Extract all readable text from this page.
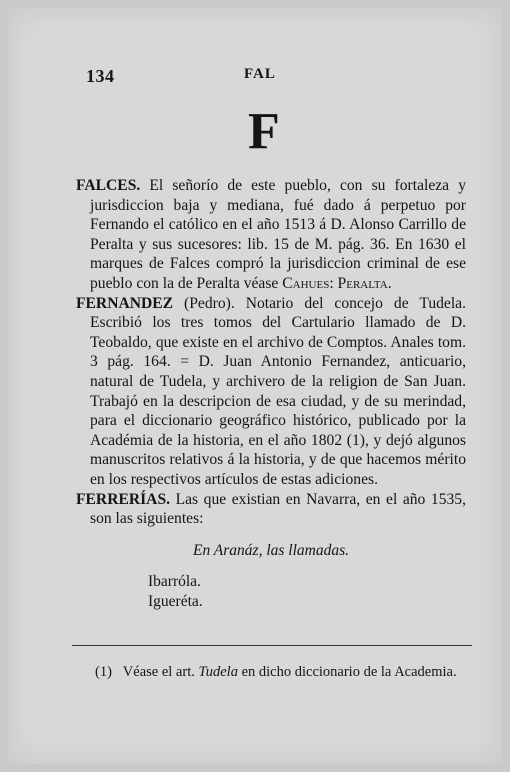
134	FAL
F

FALCES. El señorío de este pueblo, con su fortaleza y jurisdiccion baja y mediana, fué dado á perpetuo por Fernando el católico en el año 1513 á D. Alonso Carrillo de Peralta y sus sucesores: lib. 15 de M. pág. 36. En 1630 el marques de Falces compró la jurisdiccion criminal de ese pueblo con la de Peralta véase Cahues: Peralta.

FERNANDEZ (Pedro). Notario del concejo de Tudela. Escribió los tres tomos del Cartulario llamado de D. Teobaldo, que existe en el archivo de Comptos. Anales tom. 3 pág. 164. = D. Juan Antonio Fernandez, anticuario, natural de Tudela, y archivero de la religion de San Juan. Trabajó en la descripcion de esa ciudad, y de su merindad, para el diccionario geográfico histórico, publicado por la Académia de la historia, en el año 1802 (1), y dejó algunos manuscritos relativos á la historia, y de que hacemos mérito en los respectivos artículos de estas adiciones.

FERRERÍAS. Las que existian en Navarra, en el año 1535, son las siguientes:

En Aranáz, las llamadas.
Ibarróla.
Igueréta.
(1) Véase el art. Tudela en dicho diccionario de la Academia.
